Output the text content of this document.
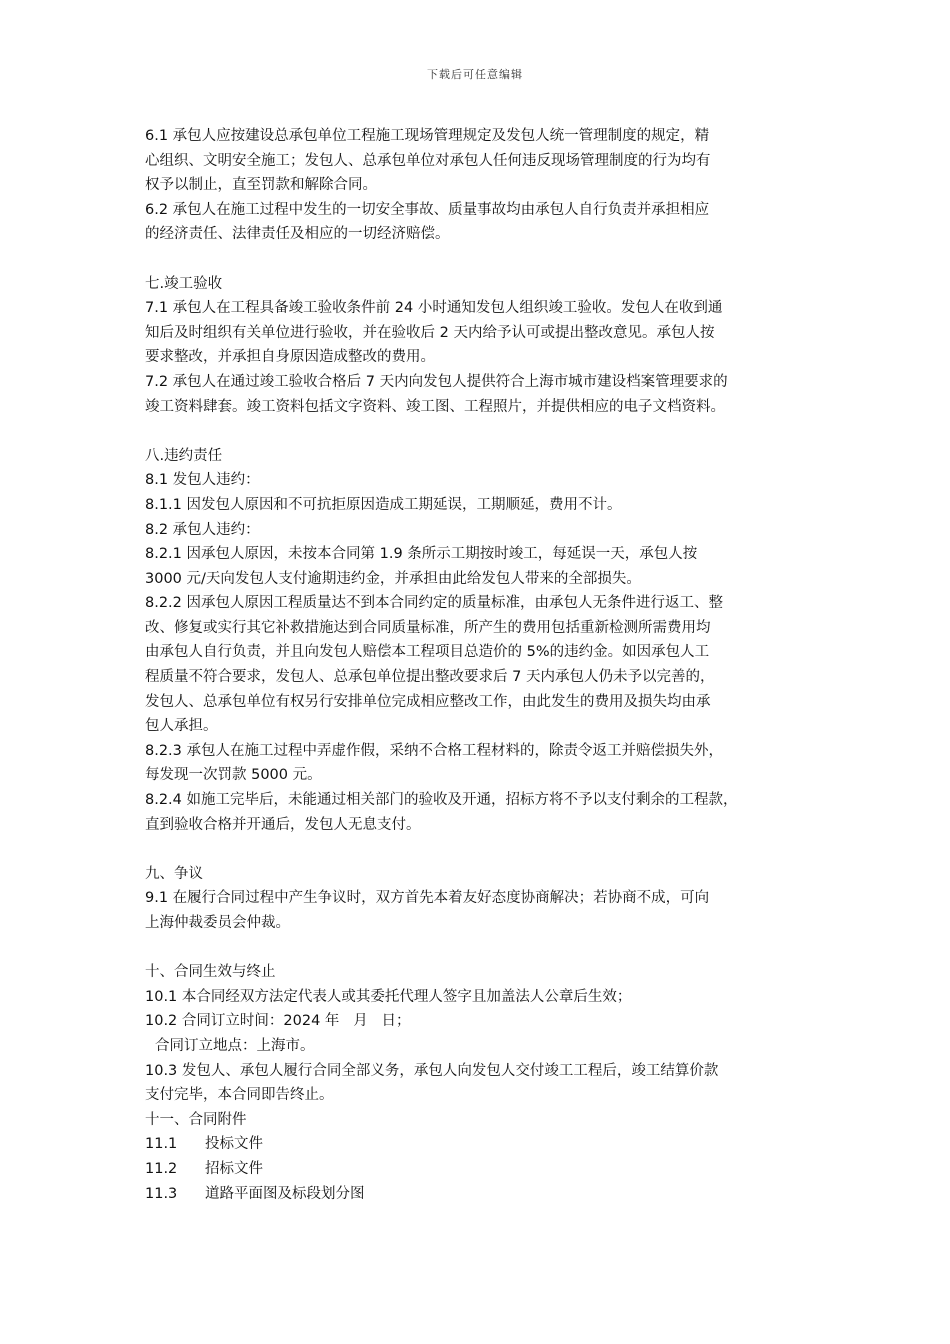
下载后可任意编辑
6.1 承包人应按建设总承包单位工程施工现场管理规定及发包人统一管理制度的规定，精
心组织、文明安全施工；发包人、总承包单位对承包人任何违反现场管理制度的行为均有
权予以制止，直至罚款和解除合同。
6.2 承包人在施工过程中发生的一切安全事故、质量事故均由承包人自行负责并承担相应
的经济责任、法律责任及相应的一切经济赔偿。
七.竣工验收
7.1 承包人在工程具备竣工验收条件前 24 小时通知发包人组织竣工验收。发包人在收到通
知后及时组织有关单位进行验收，并在验收后 2 天内给予认可或提出整改意见。承包人按
要求整改，并承担自身原因造成整改的费用。
7.2 承包人在通过竣工验收合格后 7 天内向发包人提供符合上海市城市建设档案管理要求的
竣工资料肆套。竣工资料包括文字资料、竣工图、工程照片，并提供相应的电子文档资料。
八.违约责任
8.1 发包人违约：
8.1.1 因发包人原因和不可抗拒原因造成工期延误，工期顺延，费用不计。
8.2 承包人违约：
8.2.1 因承包人原因，未按本合同第 1.9 条所示工期按时竣工，每延误一天，承包人按
3000 元/天向发包人支付逾期违约金，并承担由此给发包人带来的全部损失。
8.2.2 因承包人原因工程质量达不到本合同约定的质量标准，由承包人无条件进行返工、整
改、修复或实行其它补救措施达到合同质量标准，所产生的费用包括重新检测所需费用均
由承包人自行负责，并且向发包人赔偿本工程项目总造价的 5%的违约金。如因承包人工
程质量不符合要求，发包人、总承包单位提出整改要求后 7 天内承包人仍未予以完善的，
发包人、总承包单位有权另行安排单位完成相应整改工作，由此发生的费用及损失均由承
包人承担。
8.2.3 承包人在施工过程中弄虚作假，采纳不合格工程材料的，除责令返工并赔偿损失外，
每发现一次罚款 5000 元。
8.2.4 如施工完毕后，未能通过相关部门的验收及开通，招标方将不予以支付剩余的工程款，
直到验收合格并开通后，发包人无息支付。
九、争议
9.1 在履行合同过程中产生争议时，双方首先本着友好态度协商解决；若协商不成，可向
上海仲裁委员会仲裁。
十、合同生效与终止
10.1 本合同经双方法定代表人或其委托代理人签字且加盖法人公章后生效；
10.2 合同订立时间：2024 年   月   日；
合同订立地点：上海市。
10.3 发包人、承包人履行合同全部义务，承包人向发包人交付竣工工程后，竣工结算价款
支付完毕，本合同即告终止。
十一、合同附件
11.1	投标文件
11.2	招标文件
11.3	道路平面图及标段划分图
